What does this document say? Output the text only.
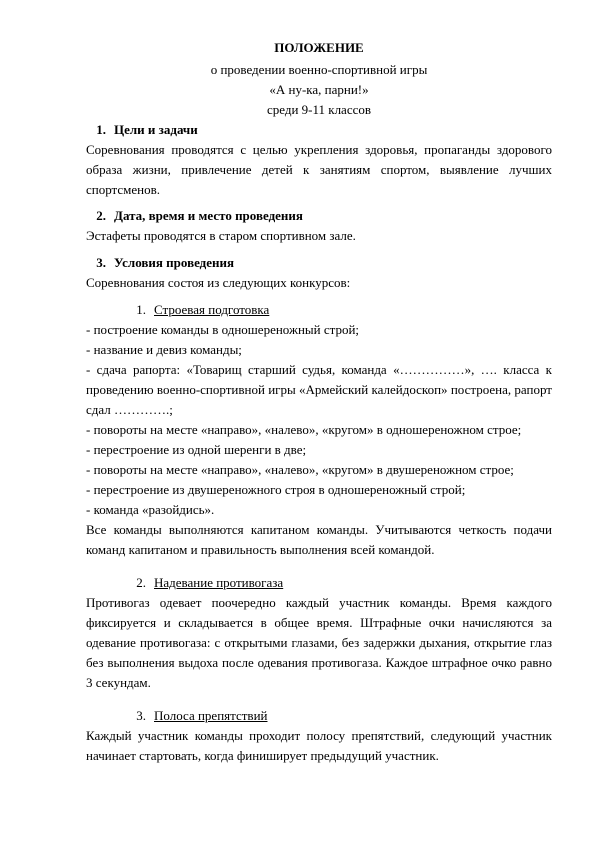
ПОЛОЖЕНИЕ
о проведении военно-спортивной игры
«А ну-ка, парни!»
среди 9-11 классов
1. Цели и задачи
Соревнования проводятся с целью укрепления здоровья, пропаганды здорового образа жизни, привлечение детей к занятиям спортом, выявление лучших спортсменов.
2. Дата, время и место проведения
Эстафеты проводятся в старом спортивном зале.
3. Условия проведения
Соревнования состоя из следующих конкурсов:
1. Строевая подготовка
- построение команды в одношереножный строй;
- название и девиз команды;
- сдача рапорта: «Товарищ старший судья, команда «……………», …. класса к проведению военно-спортивной игры «Армейский калейдоскоп» построена, рапорт сдал ………….;
- повороты на месте «направо», «налево», «кругом» в одношереножном строе;
- перестроение из одной шеренги в две;
- повороты на месте «направо», «налево», «кругом» в двушереножном строе;
- перестроение из двушереножного строя в одношереножный строй;
- команда «разойдись».
Все команды выполняются капитаном команды. Учитываются четкость подачи команд капитаном и правильность выполнения всей командой.
2. Надевание противогаза
Противогаз одевает поочередно каждый участник команды. Время каждого фиксируется и складывается в общее время. Штрафные очки начисляются за одевание противогаза: с открытыми глазами, без задержки дыхания, открытие глаз без выполнения выдоха после одевания противогаза. Каждое штрафное очко равно 3 секундам.
3. Полоса препятствий
Каждый участник команды проходит полосу препятствий, следующий участник начинает стартовать, когда финиширует предыдущий участник.
